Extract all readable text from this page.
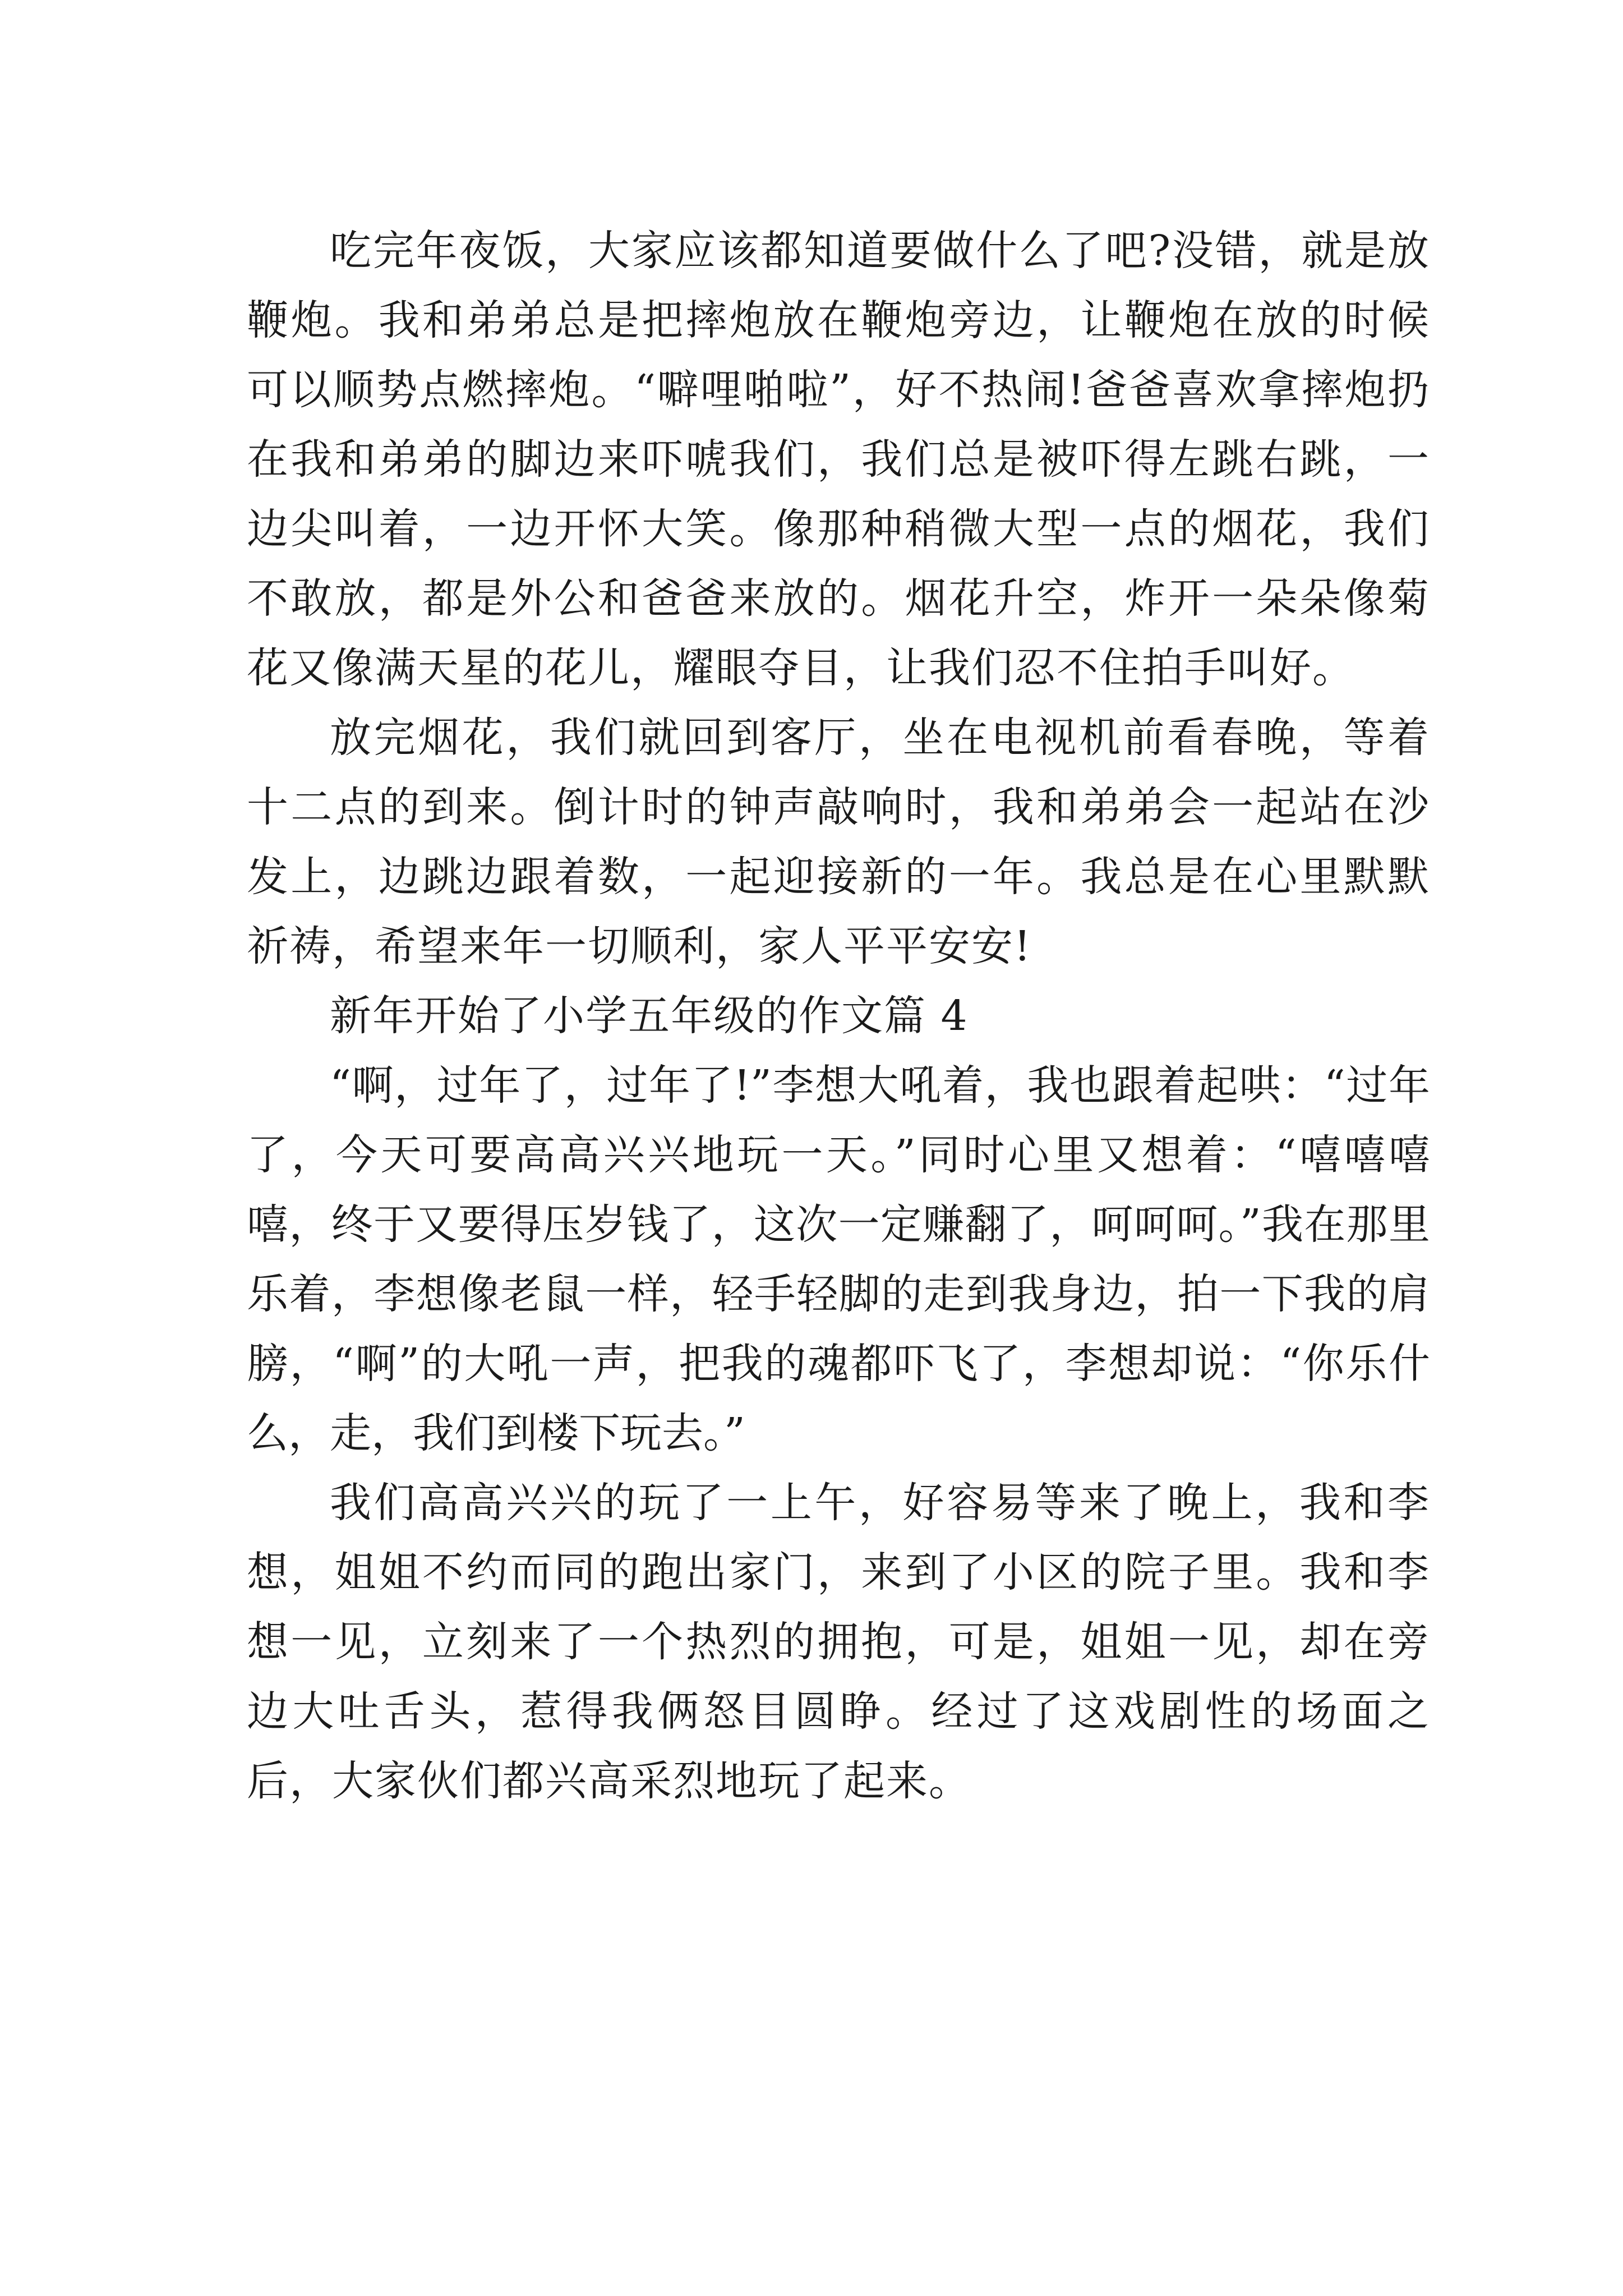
吃完年夜饭，大家应该都知道要做什么了吧?没错，就是放鞭炮。我和弟弟总是把摔炮放在鞭炮旁边，让鞭炮在放的时候可以顺势点燃摔炮。“噼哩啪啦”，好不热闹!爸爸喜欢拿摔炮扔在我和弟弟的脚边来吓唬我们，我们总是被吓得左跳右跳，一边尖叫着，一边开怀大笑。像那种稍微大型一点的烟花，我们不敢放，都是外公和爸爸来放的。烟花升空，炸开一朵朵像菊花又像满天星的花儿，耀眼夺目，让我们忍不住拍手叫好。

放完烟花，我们就回到客厅，坐在电视机前看春晚，等着十二点的到来。倒计时的钟声敲响时，我和弟弟会一起站在沙发上，边跳边跟着数，一起迎接新的一年。我总是在心里默默祈祷，希望来年一切顺利，家人平平安安!

新年开始了小学五年级的作文篇 4

“啊，过年了，过年了!”李想大吼着，我也跟着起哄：“过年了，今天可要高高兴兴地玩一天。”同时心里又想着：“嘻嘻嘻嘻，终于又要得压岁钱了，这次一定赚翻了，呵呵呵。”我在那里乐着，李想像老鼠一样，轻手轻脚的走到我身边，拍一下我的肩膀，“啊”的大吼一声，把我的魂都吓飞了，李想却说：“你乐什么，走，我们到楼下玩去。”

我们高高兴兴的玩了一上午，好容易等来了晚上，我和李想，姐姐不约而同的跑出家门，来到了小区的院子里。我和李想一见，立刻来了一个热烈的拥抱，可是，姐姐一见，却在旁边大吐舌头，惹得我俩怒目圆睁。经过了这戏剧性的场面之后，大家伙们都兴高采烈地玩了起来。
